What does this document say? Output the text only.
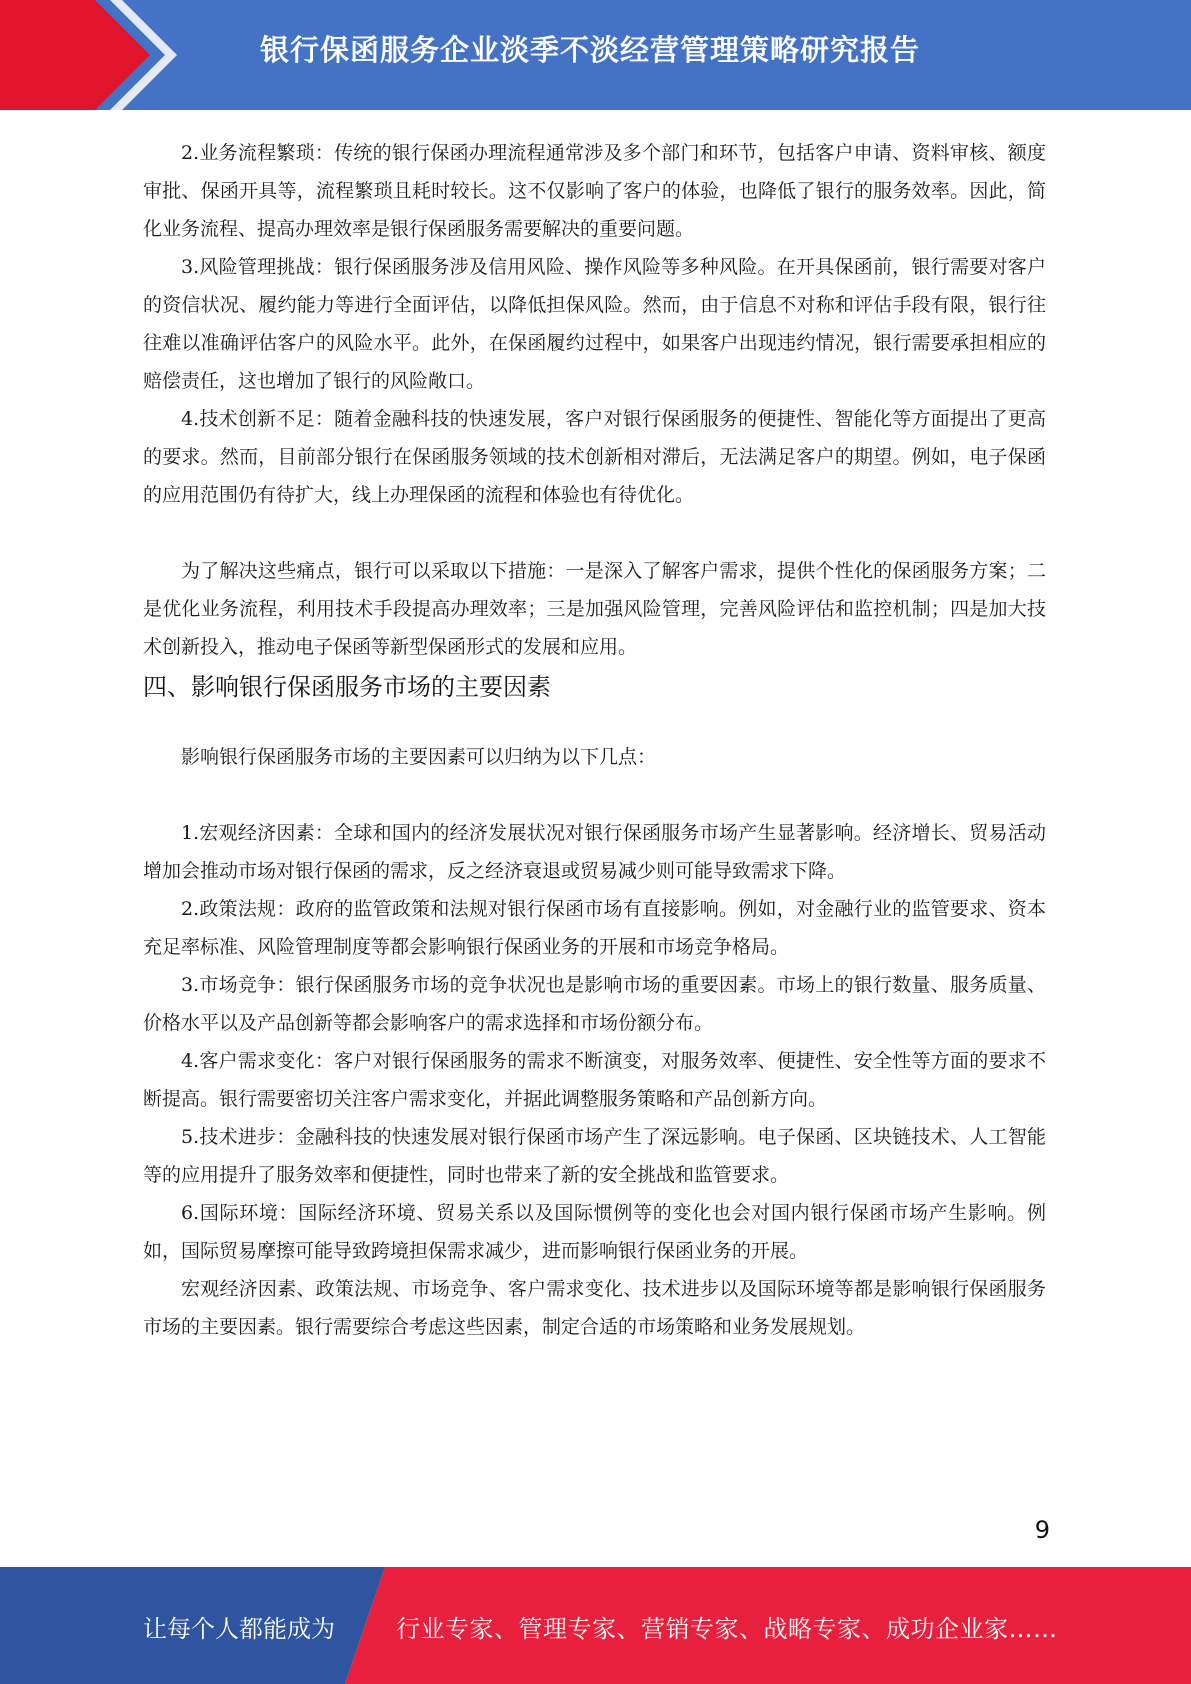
银行保函服务企业淡季不淡经营管理策略研究报告

2.业务流程繁琐：传统的银行保函办理流程通常涉及多个部门和环节，包括客户申请、资料审核、额度审批、保函开具等，流程繁琐且耗时较长。这不仅影响了客户的体验，也降低了银行的服务效率。因此，简化业务流程、提高办理效率是银行保函服务需要解决的重要问题。

3.风险管理挑战：银行保函服务涉及信用风险、操作风险等多种风险。在开具保函前，银行需要对客户的资信状况、履约能力等进行全面评估，以降低担保风险。然而，由于信息不对称和评估手段有限，银行往往难以准确评估客户的风险水平。此外，在保函履约过程中，如果客户出现违约情况，银行需要承担相应的赔偿责任，这也增加了银行的风险敞口。

4.技术创新不足：随着金融科技的快速发展，客户对银行保函服务的便捷性、智能化等方面提出了更高的要求。然而，目前部分银行在保函服务领域的技术创新相对滞后，无法满足客户的期望。例如，电子保函的应用范围仍有待扩大，线上办理保函的流程和体验也有待优化。

为了解决这些痛点，银行可以采取以下措施：一是深入了解客户需求，提供个性化的保函服务方案；二是优化业务流程，利用技术手段提高办理效率；三是加强风险管理，完善风险评估和监控机制；四是加大技术创新投入，推动电子保函等新型保函形式的发展和应用。

四、影响银行保函服务市场的主要因素

影响银行保函服务市场的主要因素可以归纳为以下几点：

1.宏观经济因素：全球和国内的经济发展状况对银行保函服务市场产生显著影响。经济增长、贸易活动增加会推动市场对银行保函的需求，反之经济衰退或贸易减少则可能导致需求下降。

2.政策法规：政府的监管政策和法规对银行保函市场有直接影响。例如，对金融行业的监管要求、资本充足率标准、风险管理制度等都会影响银行保函业务的开展和市场竞争格局。

3.市场竞争：银行保函服务市场的竞争状况也是影响市场的重要因素。市场上的银行数量、服务质量、价格水平以及产品创新等都会影响客户的需求选择和市场份额分布。

4.客户需求变化：客户对银行保函服务的需求不断演变，对服务效率、便捷性、安全性等方面的要求不断提高。银行需要密切关注客户需求变化，并据此调整服务策略和产品创新方向。

5.技术进步：金融科技的快速发展对银行保函市场产生了深远影响。电子保函、区块链技术、人工智能等的应用提升了服务效率和便捷性，同时也带来了新的安全挑战和监管要求。

6.国际环境：国际经济环境、贸易关系以及国际惯例等的变化也会对国内银行保函市场产生影响。例如，国际贸易摩擦可能导致跨境担保需求减少，进而影响银行保函业务的开展。

宏观经济因素、政策法规、市场竞争、客户需求变化、技术进步以及国际环境等都是影响银行保函服务市场的主要因素。银行需要综合考虑这些因素，制定合适的市场策略和业务发展规划。

9
让每个人都能成为	行业专家、管理专家、营销专家、战略专家、成功企业家……
